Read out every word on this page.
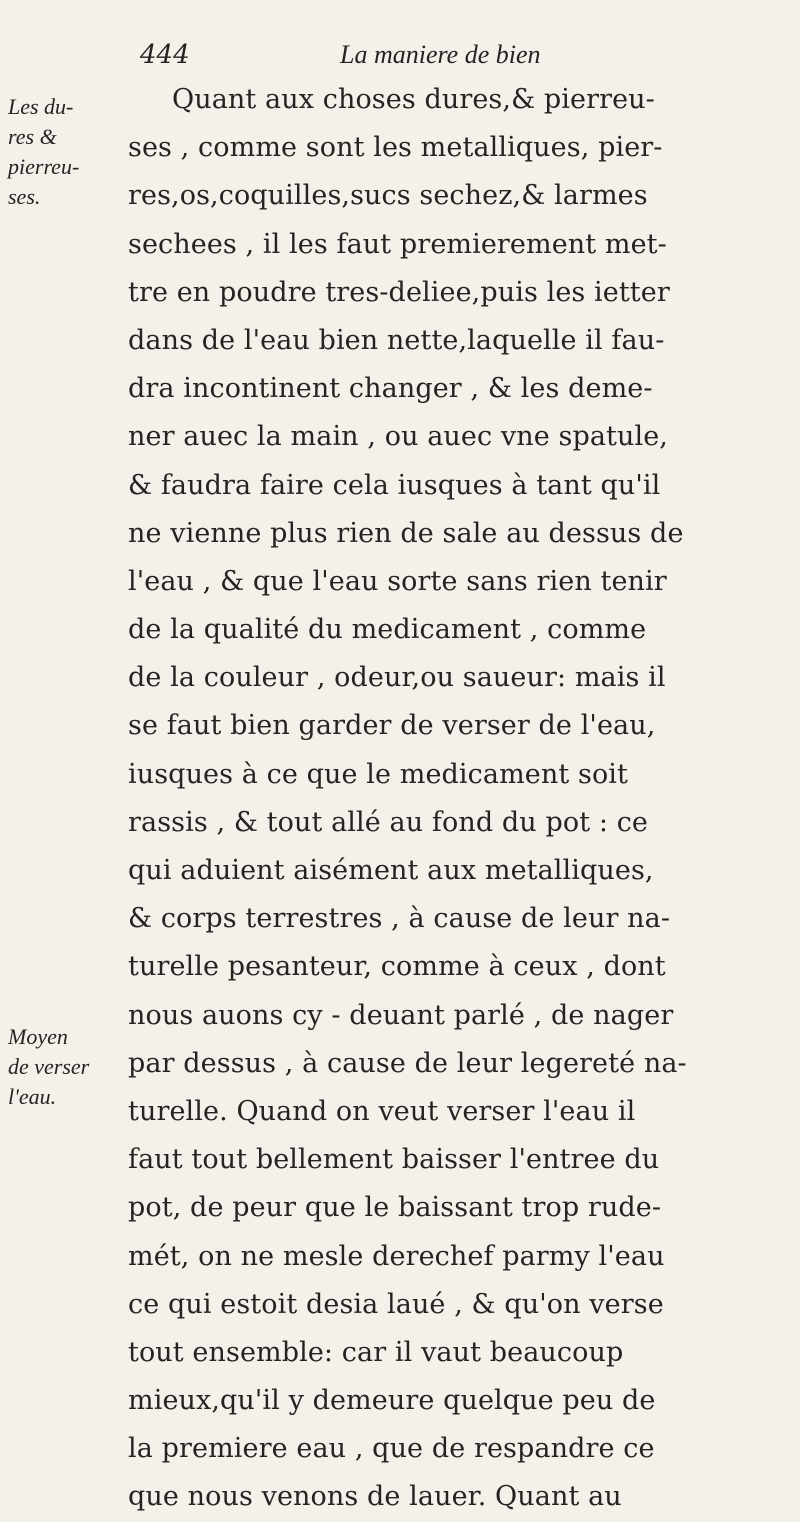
444	La maniere de bien
Les du-
res &
pierreu-
ses.
Moyen
de verser
l'eau.
Quant aux choses dures,& pierreu-
ses , comme sont les metalliques, pier-
res,os,coquilles,sucs sechez,& larmes
sechees , il les faut premierement met-
tre en poudre tres-deliee,puis les ietter
dans de l'eau bien nette,laquelle il fau-
dra incontinent changer , & les deme-
ner auec la main , ou auec vne spatule,
& faudra faire cela iusques à tant qu'il
ne vienne plus rien de sale au dessus de
l'eau , & que l'eau sorte sans rien tenir
de la qualité du medicament , comme
de la couleur , odeur,ou saueur: mais il
se faut bien garder de verser de l'eau,
iusques à ce que le medicament soit
rassis , & tout allé au fond du pot : ce
qui aduient aisément aux metalliques,
& corps terrestres , à cause de leur na-
turelle pesanteur, comme à ceux , dont
nous auons cy - deuant parlé , de nager
par dessus , à cause de leur legereté na-
turelle. Quand on veut verser l'eau il
faut tout bellement baisser l'entree du
pot, de peur que le baissant trop rude-
mét, on ne mesle derechef parmy l'eau
ce qui estoit desia laué , & qu'on verse
tout ensemble: car il vaut beaucoup
mieux,qu'il y demeure quelque peu de
la premiere eau , que de respandre ce
que nous venons de lauer. Quant au
